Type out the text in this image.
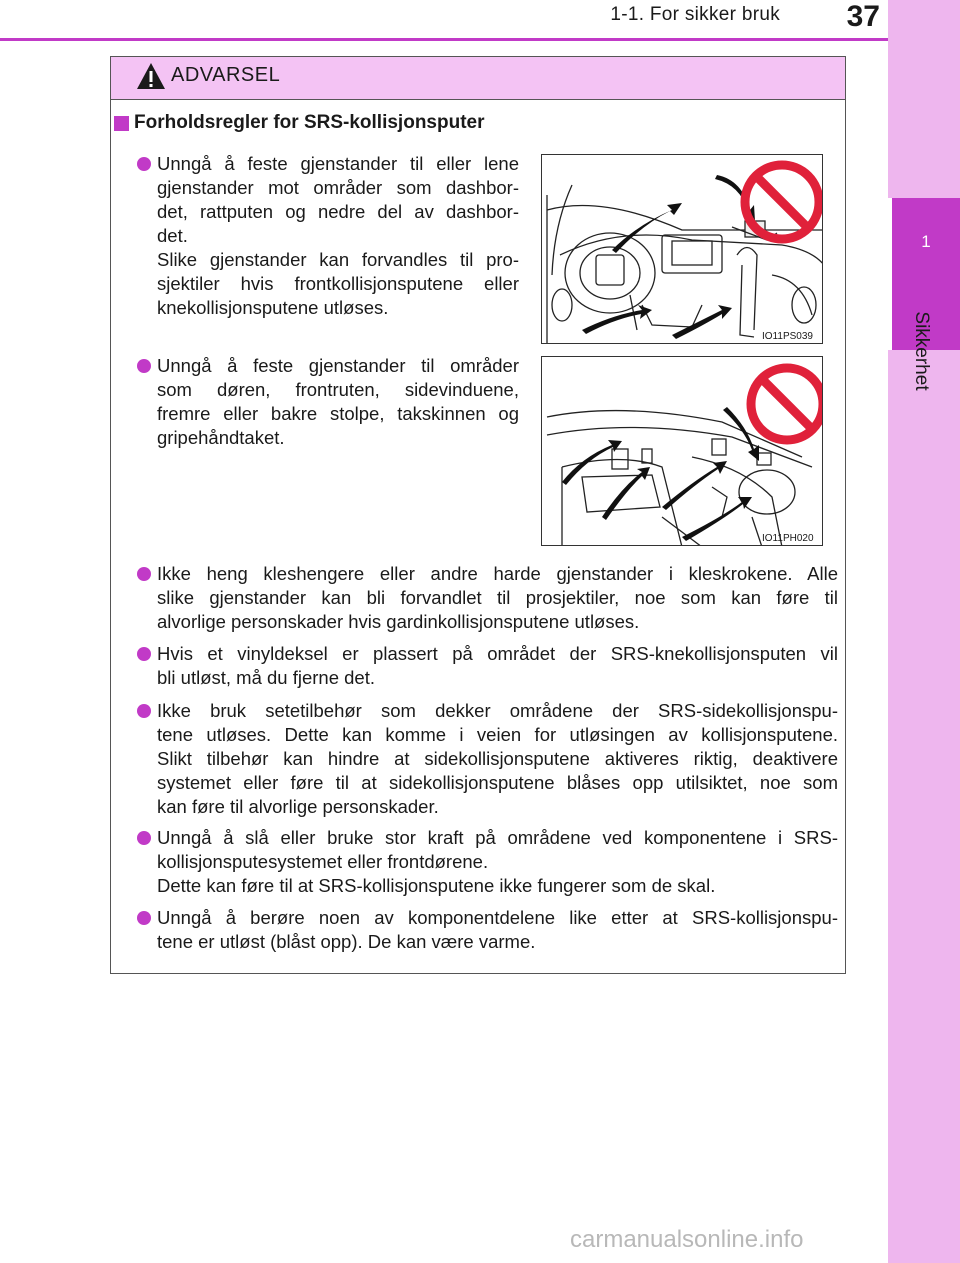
1-1. For sikker bruk	37
1
Sikkerhet
ADVARSEL
Forholdsregler for SRS-kollisjonsputer
Unngå å feste gjenstander til eller lene
gjenstander mot områder som dashbor-
det, rattputen og nedre del av dashbor-
det.
Slike gjenstander kan forvandles til pro-
sjektiler hvis frontkollisjonsputene eller
knekollisjonsputene utløses.
IO11PS039
Unngå å feste gjenstander til områder
som døren, frontruten, sidevinduene,
fremre eller bakre stolpe, takskinnen og
gripehåndtaket.
IO11PH020
Ikke heng kleshengere eller andre harde gjenstander i kleskrokene. Alle
slike gjenstander kan bli forvandlet til prosjektiler, noe som kan føre til
alvorlige personskader hvis gardinkollisjonsputene utløses.
Hvis et vinyldeksel er plassert på området der SRS-knekollisjonsputen vil
bli utløst, må du fjerne det.
Ikke bruk setetilbehør som dekker områdene der SRS-sidekollisjonspu-
tene utløses. Dette kan komme i veien for utløsingen av kollisjonsputene.
Slikt tilbehør kan hindre at sidekollisjonsputene aktiveres riktig, deaktivere
systemet eller føre til at sidekollisjonsputene blåses opp utilsiktet, noe som
kan føre til alvorlige personskader.
Unngå å slå eller bruke stor kraft på områdene ved komponentene i SRS-
kollisjonsputesystemet eller frontdørene.
Dette kan føre til at SRS-kollisjonsputene ikke fungerer som de skal.
Unngå å berøre noen av komponentdelene like etter at SRS-kollisjonspu-
tene er utløst (blåst opp). De kan være varme.
carmanualsonline.info
